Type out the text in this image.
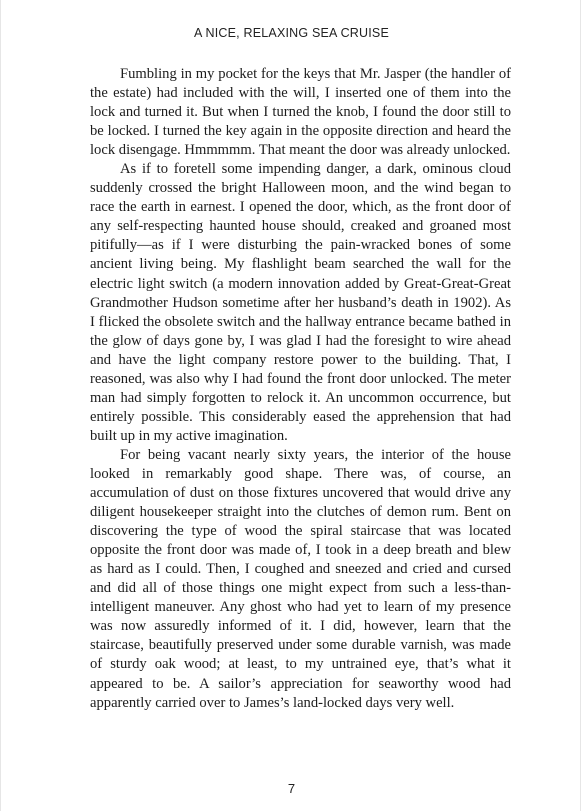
A NICE, RELAXING SEA CRUISE

Fumbling in my pocket for the keys that Mr. Jasper (the handler of the estate) had included with the will, I inserted one of them into the lock and turned it. But when I turned the knob, I found the door still to be locked. I turned the key again in the opposite direction and heard the lock disengage. Hmmmmm. That meant the door was already unlocked.

As if to foretell some impending danger, a dark, ominous cloud suddenly crossed the bright Halloween moon, and the wind began to race the earth in earnest. I opened the door, which, as the front door of any self-respecting haunted house should, creaked and groaned most pitifully—as if I were disturbing the pain-wracked bones of some ancient living being. My flashlight beam searched the wall for the electric light switch (a modern innovation added by Great-Great-Great Grandmother Hudson sometime after her husband’s death in 1902). As I flicked the obsolete switch and the hallway entrance became bathed in the glow of days gone by, I was glad I had the foresight to wire ahead and have the light company restore power to the building. That, I reasoned, was also why I had found the front door unlocked. The meter man had simply forgotten to relock it. An uncommon occurrence, but entirely possible. This considerably eased the apprehension that had built up in my active imagination.

For being vacant nearly sixty years, the interior of the house looked in remarkably good shape. There was, of course, an accumulation of dust on those fixtures uncovered that would drive any diligent housekeeper straight into the clutches of demon rum. Bent on discovering the type of wood the spiral staircase that was located opposite the front door was made of, I took in a deep breath and blew as hard as I could. Then, I coughed and sneezed and cried and cursed and did all of those things one might expect from such a less-than-intelligent maneuver. Any ghost who had yet to learn of my presence was now assuredly informed of it. I did, however, learn that the staircase, beautifully preserved under some durable varnish, was made of sturdy oak wood; at least, to my untrained eye, that’s what it appeared to be. A sailor’s appreciation for seaworthy wood had apparently carried over to James’s land-locked days very well.

7
